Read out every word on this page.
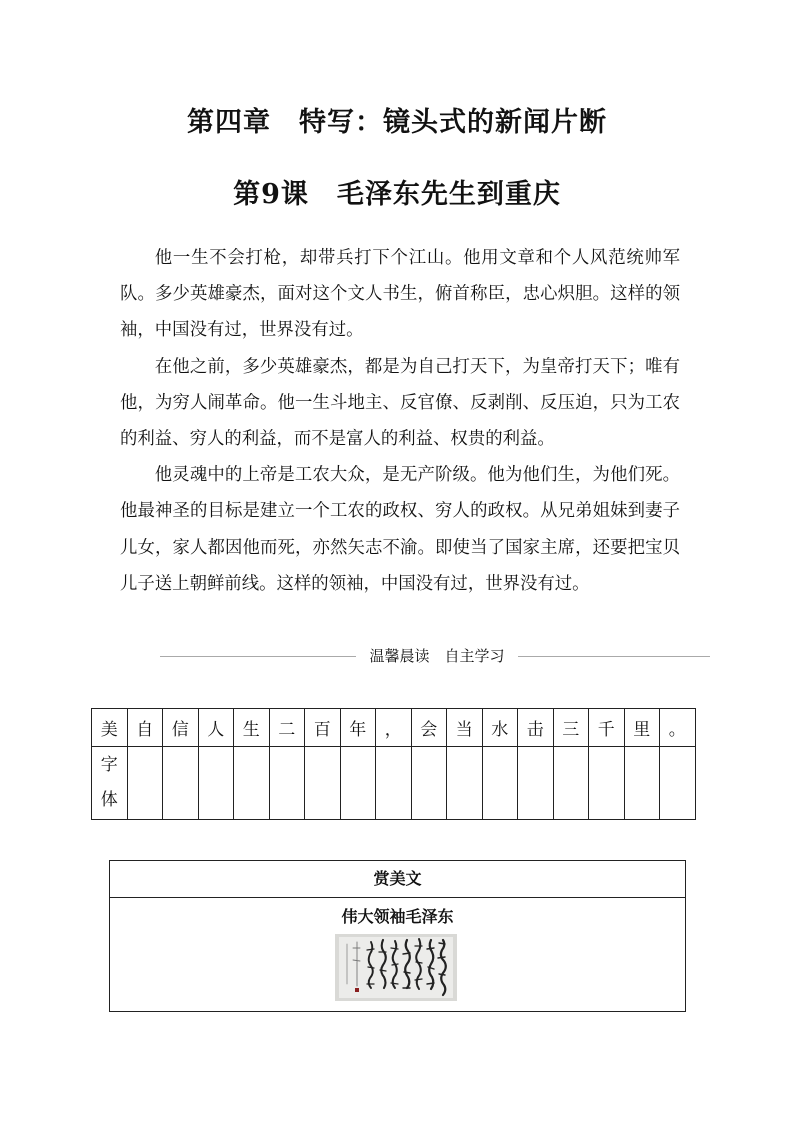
第四章　特写：镜头式的新闻片断
第9课　毛泽东先生到重庆

他一生不会打枪，却带兵打下个江山。他用文章和个人风范统帅军队。多少英雄豪杰，面对这个文人书生，俯首称臣，忠心炽胆。这样的领袖，中国没有过，世界没有过。

在他之前，多少英雄豪杰，都是为自己打天下，为皇帝打天下；唯有他，为穷人闹革命。他一生斗地主、反官僚、反剥削、反压迫，只为工农的利益、穷人的利益，而不是富人的利益、权贵的利益。

他灵魂中的上帝是工农大众，是无产阶级。他为他们生，为他们死。他最神圣的目标是建立一个工农的政权、穷人的政权。从兄弟姐妹到妻子儿女，家人都因他而死，亦然矢志不渝。即使当了国家主席，还要把宝贝儿子送上朝鲜前线。这样的领袖，中国没有过，世界没有过。

温馨晨读　自主学习
美	自	信	人	生	二	百	年	，	会	当	水	击	三	千	里	。

字
体																

赏美文
伟大领袖毛泽东
